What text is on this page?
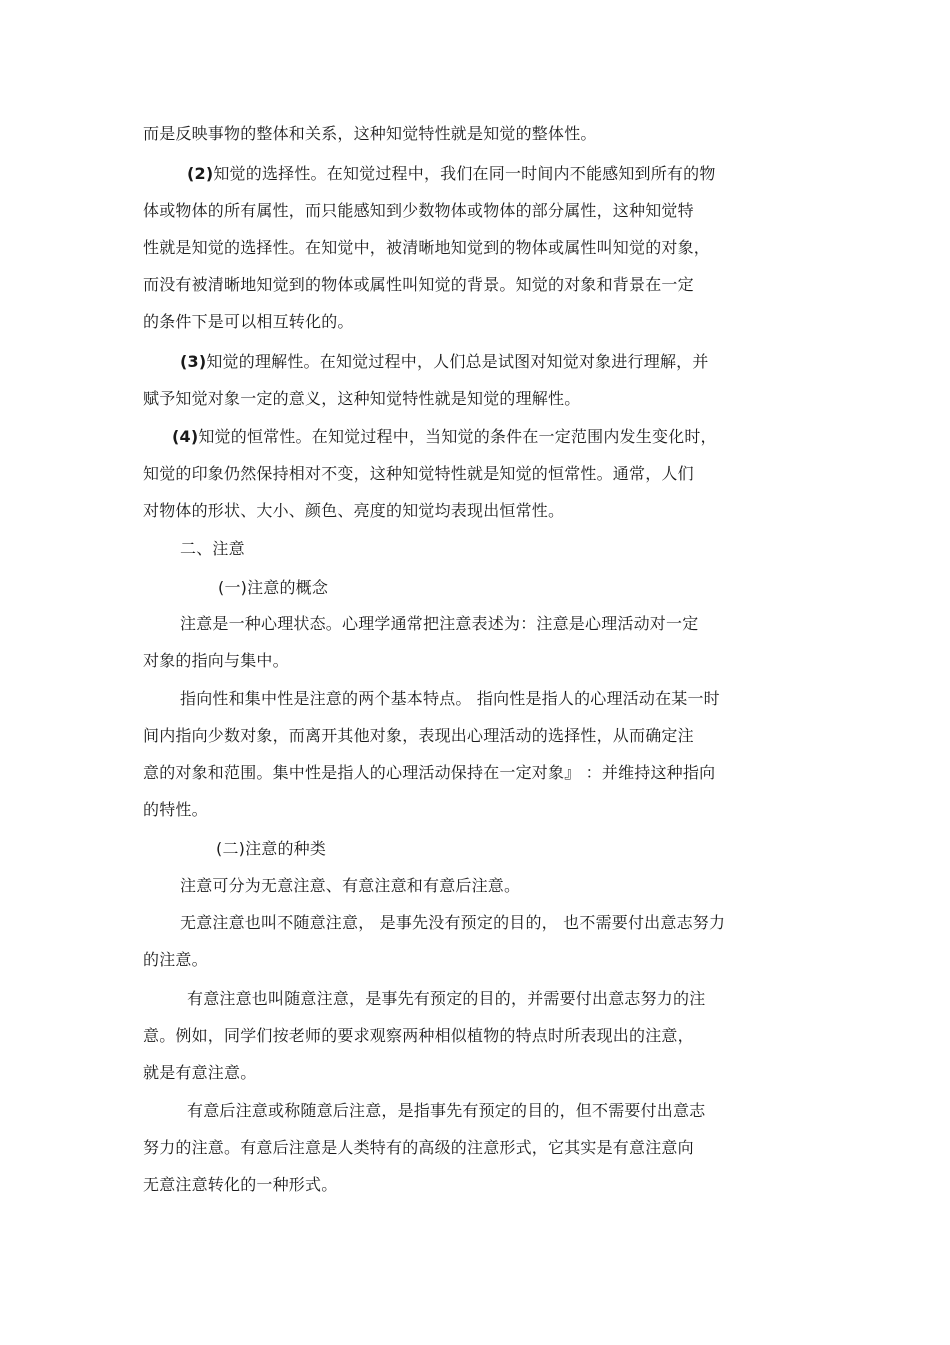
而是反映事物的整体和关系，这种知觉特性就是知觉的整体性。
(2)知觉的选择性。在知觉过程中，我们在同一时间内不能感知到所有的物
体或物体的所有属性，而只能感知到少数物体或物体的部分属性，这种知觉特
性就是知觉的选择性。在知觉中，被清晰地知觉到的物体或属性叫知觉的对象，
而没有被清晰地知觉到的物体或属性叫知觉的背景。知觉的对象和背景在一定
的条件下是可以相互转化的。
(3)知觉的理解性。在知觉过程中，人们总是试图对知觉对象进行理解，并
赋予知觉对象一定的意义，这种知觉特性就是知觉的理解性。
(4)知觉的恒常性。在知觉过程中，当知觉的条件在一定范围内发生变化时，
知觉的印象仍然保持相对不变，这种知觉特性就是知觉的恒常性。通常，人们
对物体的形状、大小、颜色、亮度的知觉均表现出恒常性。
二、注意
(一)注意的概念
注意是一种心理状态。心理学通常把注意表述为：注意是心理活动对一定
对象的指向与集中。
指向性和集中性是注意的两个基本特点。 指向性是指人的心理活动在某一时
间内指向少数对象，而离开其他对象，表现出心理活动的选择性，从而确定注
意的对象和范围。集中性是指人的心理活动保持在一定对象』 ：并维持这种指向
的特性。
(二)注意的种类
注意可分为无意注意、有意注意和有意后注意。
无意注意也叫不随意注意， 是事先没有预定的目的， 也不需要付出意志努力
的注意。
有意注意也叫随意注意，是事先有预定的目的，并需要付出意志努力的注
意。例如，同学们按老师的要求观察两种相似植物的特点时所表现出的注意，
就是有意注意。
有意后注意或称随意后注意，是指事先有预定的目的，但不需要付出意志
努力的注意。有意后注意是人类特有的高级的注意形式，它其实是有意注意向
无意注意转化的一种形式。
